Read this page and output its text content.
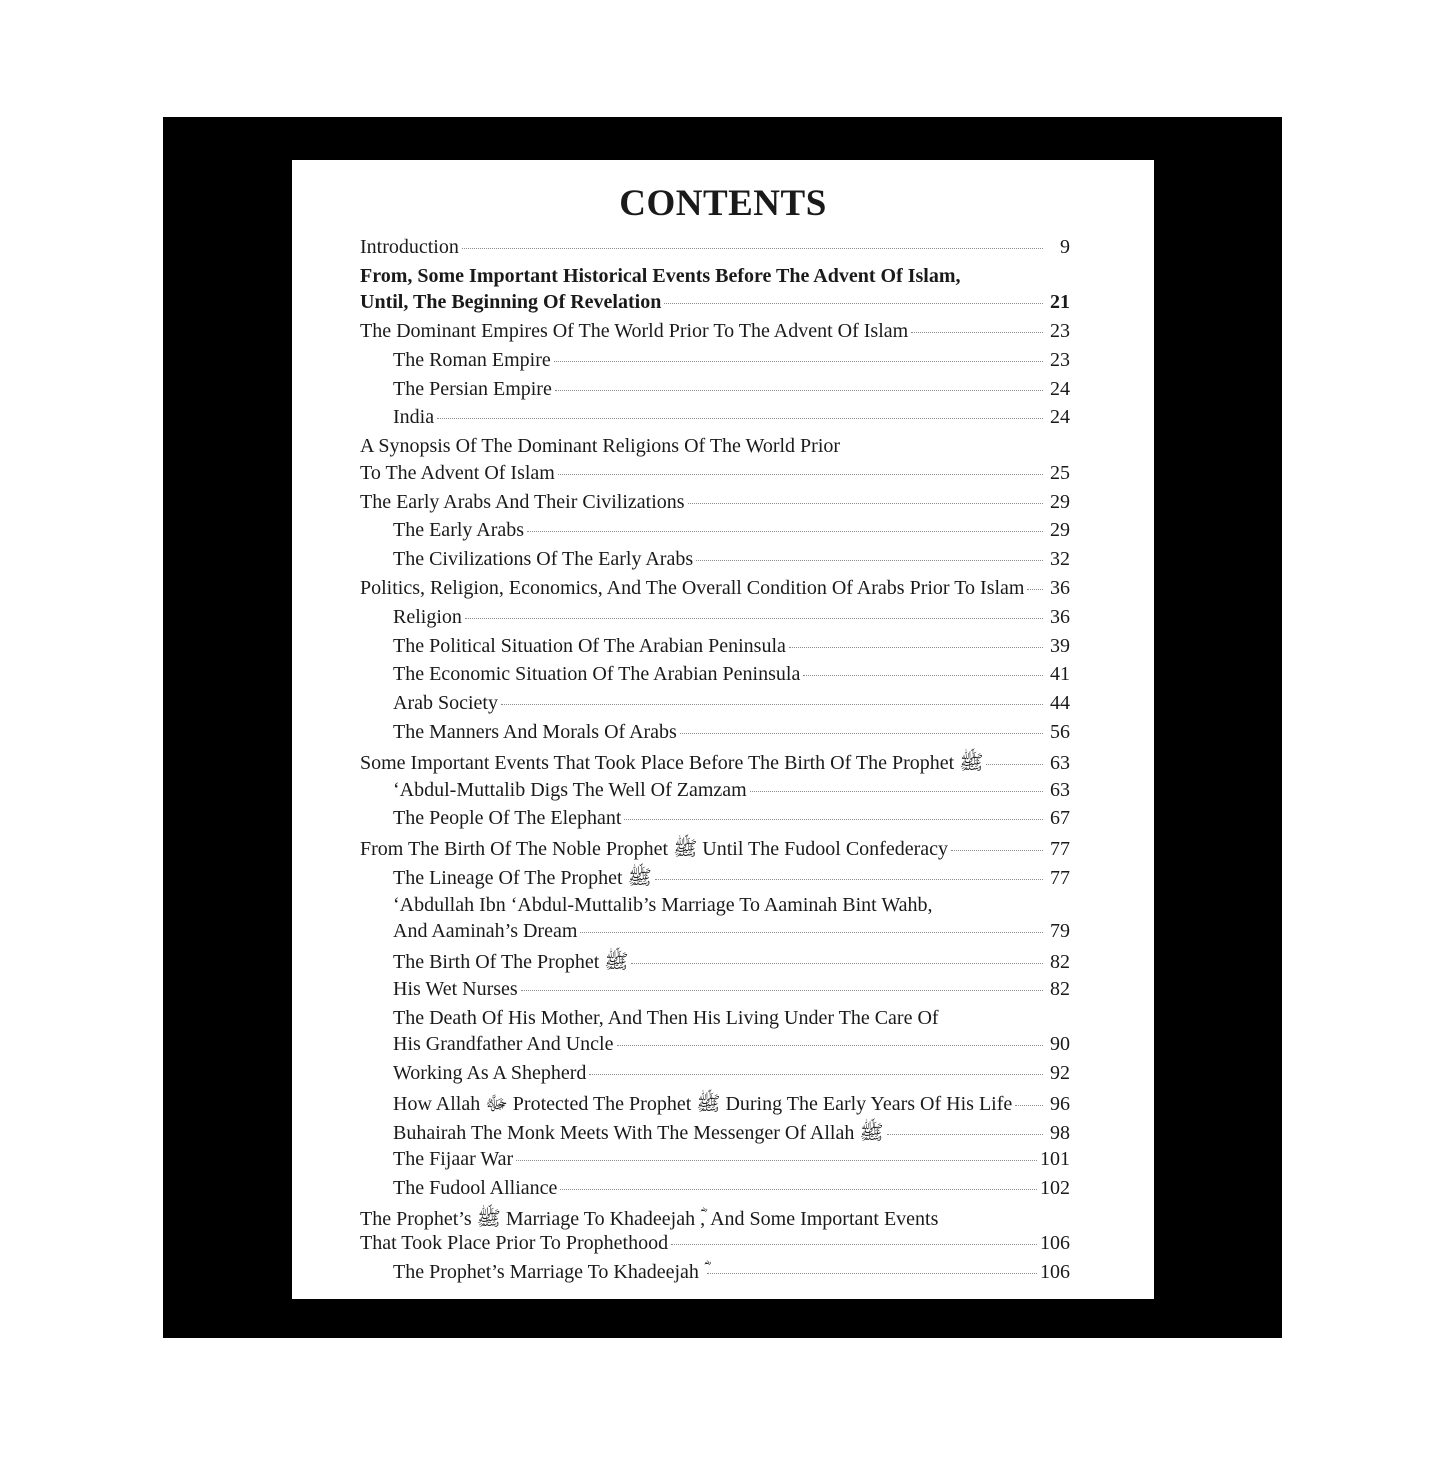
CONTENTS
Introduction	9
From, Some Important Historical Events Before The Advent Of Islam,
Until, The Beginning Of Revelation	21
The Dominant Empires Of The World Prior To The Advent Of Islam	23
The Roman Empire	23
The Persian Empire	24
India	24
A Synopsis Of The Dominant Religions Of The World Prior
To The Advent Of Islam	25
The Early Arabs And Their Civilizations	29
The Early Arabs	29
The Civilizations Of The Early Arabs	32
Politics, Religion, Economics, And The Overall Condition Of Arabs Prior To Islam 36
Religion	36
The Political Situation Of The Arabian Peninsula	39
The Economic Situation Of The Arabian Peninsula	41
Arab Society	44
The Manners And Morals Of Arabs	56
Some Important Events That Took Place Before The Birth Of The Prophet ﷺ	63
‘Abdul-Muttalib Digs The Well Of Zamzam	63
The People Of The Elephant	67
From The Birth Of The Noble Prophet ﷺ Until The Fudool Confederacy	77
The Lineage Of The Prophet ﷺ	77
‘Abdullah Ibn ‘Abdul-Muttalib’s Marriage To Aaminah Bint Wahb,
And Aaminah’s Dream	79
The Birth Of The Prophet ﷺ	82
His Wet Nurses	82
The Death Of His Mother, And Then His Living Under The Care Of
His Grandfather And Uncle	90
Working As A Shepherd	92
How Allah ﷻ Protected The Prophet ﷺ During The Early Years Of His Life 96
Buhairah The Monk Meets With The Messenger Of Allah ﷺ	98
The Fijaar War	101
The Fudool Alliance	102
The Prophet’s ﷺ Marriage To Khadeejah ؓ, And Some Important Events
That Took Place Prior To Prophethood	106
The Prophet’s Marriage To Khadeejah ؓ	106
